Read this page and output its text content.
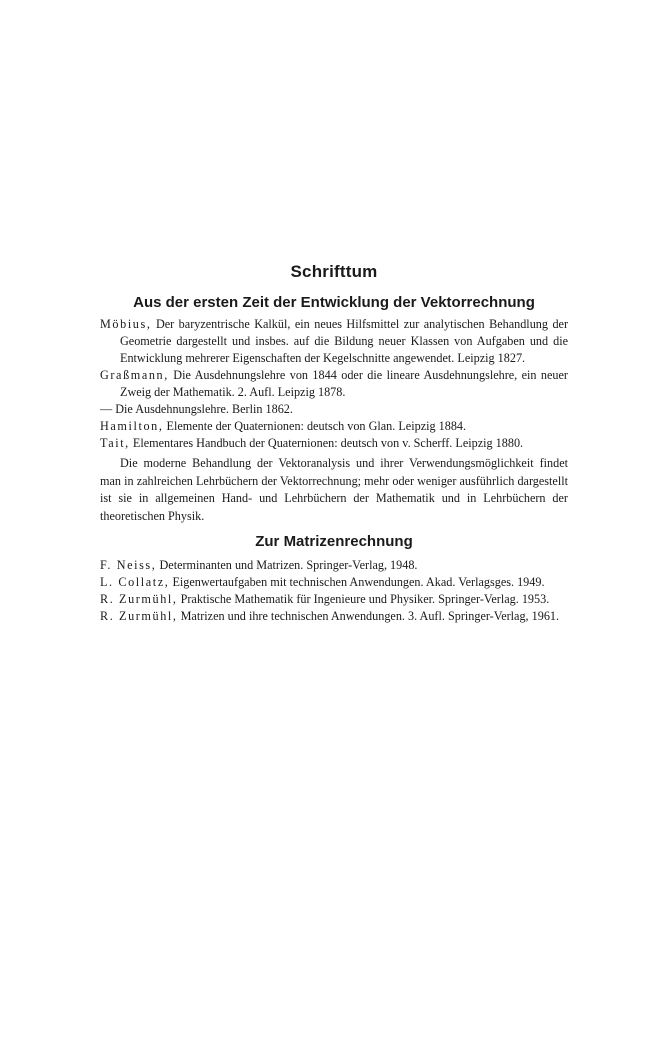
Schrifttum
Aus der ersten Zeit der Entwicklung der Vektorrechnung
Möbius, Der baryzentrische Kalkül, ein neues Hilfsmittel zur analytischen Behandlung der Geometrie dargestellt und insbes. auf die Bildung neuer Klassen von Aufgaben und die Entwicklung mehrerer Eigenschaften der Kegelschnitte angewendet. Leipzig 1827.
Graßmann, Die Ausdehnungslehre von 1844 oder die lineare Ausdehnungslehre, ein neuer Zweig der Mathematik. 2. Aufl. Leipzig 1878.
— Die Ausdehnungslehre. Berlin 1862.
Hamilton, Elemente der Quaternionen: deutsch von Glan. Leipzig 1884.
Tait, Elementares Handbuch der Quaternionen: deutsch von v. Scherff. Leipzig 1880.

Die moderne Behandlung der Vektoranalysis und ihrer Verwendungsmöglichkeit findet man in zahlreichen Lehrbüchern der Vektorrechnung; mehr oder weniger ausführlich dargestellt ist sie in allgemeinen Hand- und Lehrbüchern der Mathematik und in Lehrbüchern der theoretischen Physik.

Zur Matrizenrechnung
F. Neiss, Determinanten und Matrizen. Springer-Verlag, 1948.
L. Collatz, Eigenwertaufgaben mit technischen Anwendungen. Akad. Verlagsges. 1949.
R. Zurmühl, Praktische Mathematik für Ingenieure und Physiker. Springer-Verlag. 1953.
R. Zurmühl, Matrizen und ihre technischen Anwendungen. 3. Aufl. Springer-Verlag, 1961.
